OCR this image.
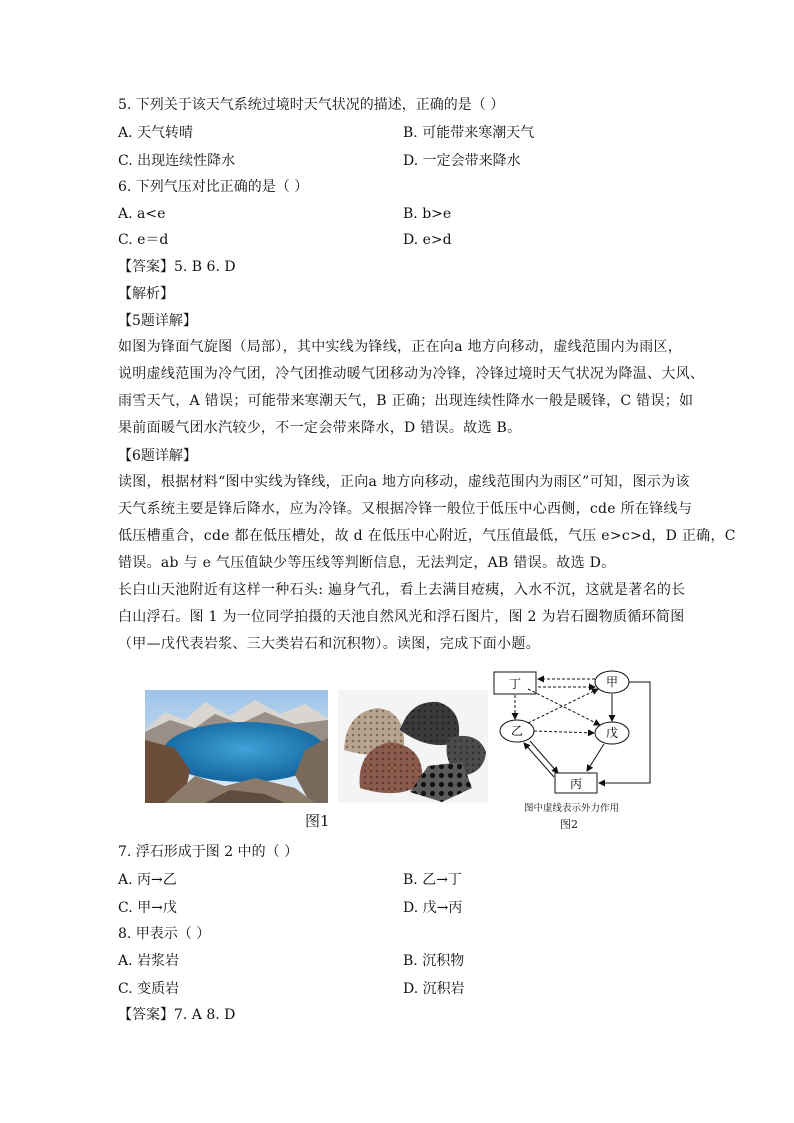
5. 下列关于该天气系统过境时天气状况的描述，正确的是（ ）
A. 天气转晴	B. 可能带来寒潮天气
C. 出现连续性降水	D. 一定会带来降水
6. 下列气压对比正确的是（ ）
A. a<e	B. b>e
C. e＝d	D. e>d
【答案】5. B 6. D
【解析】
【5题详解】
如图为锋面气旋图（局部），其中实线为锋线，正在向a 地方向移动，虚线范围内为雨区，
说明虚线范围为冷气团，冷气团推动暖气团移动为冷锋，冷锋过境时天气状况为降温、大风、
雨雪天气，A 错误；可能带来寒潮天气，B 正确；出现连续性降水一般是暖锋，C 错误；如
果前面暖气团水汽较少，不一定会带来降水，D 错误。故选 B。
【6题详解】
读图，根据材料“图中实线为锋线，正向a 地方向移动，虚线范围内为雨区”可知，图示为该
天气系统主要是锋后降水，应为冷锋。又根据冷锋一般位于低压中心西侧，cde 所在锋线与
低压槽重合，cde 都在低压槽处，故 d 在低压中心附近，气压值最低，气压 e>c>d，D 正确，C
错误。ab 与 e 气压值缺少等压线等判断信息，无法判定，AB 错误。故选 D。
长白山天池附近有这样一种石头: 遍身气孔，看上去满目疮痍，入水不沉，这就是著名的长
白山浮石。图 1 为一位同学拍摄的天池自然风光和浮石图片，图 2 为岩石圈物质循环简图
（甲—戊代表岩浆、三大类岩石和沉积物）。读图，完成下面小题。
图1
丁	甲
乙	戊
丙
图中虚线表示外力作用
图2
7. 浮石形成于图 2 中的（ ）
A. 丙→乙	B. 乙→丁
C. 甲→戊	D. 戊→丙
8. 甲表示（ ）
A. 岩浆岩	B. 沉积物
C. 变质岩	D. 沉积岩
【答案】7. A 8. D
